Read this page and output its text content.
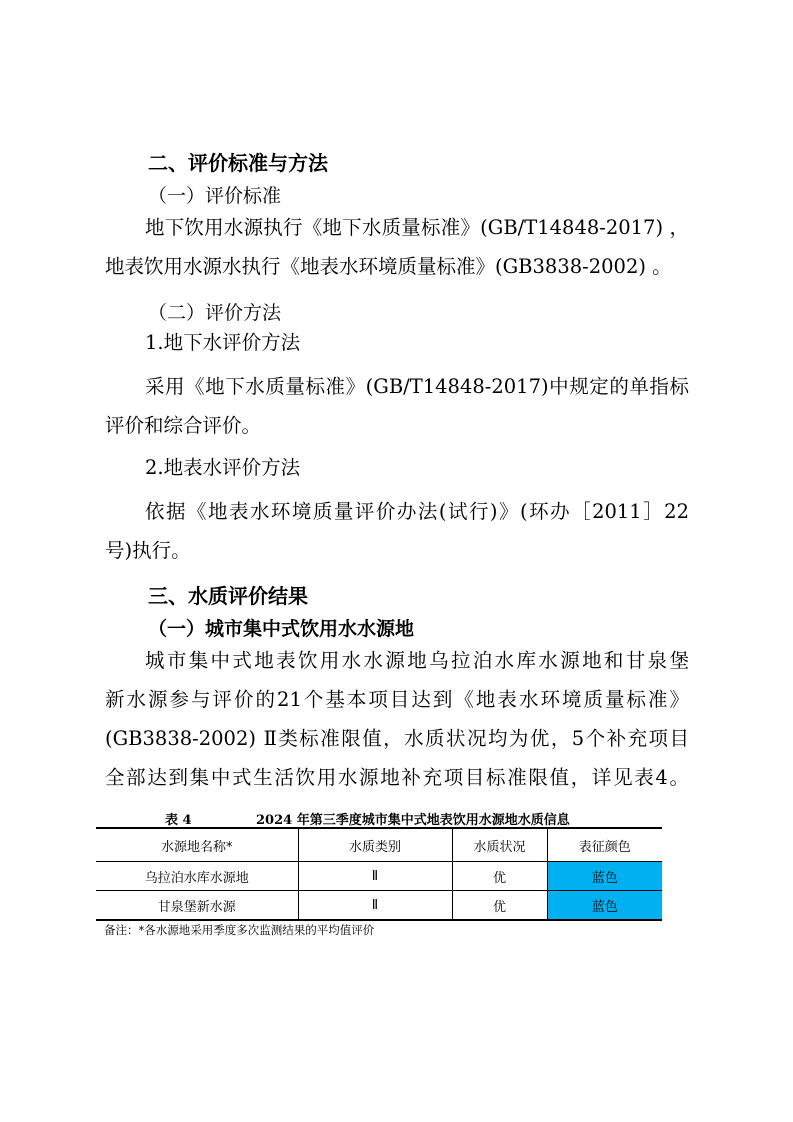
二、评价标准与方法
（一）评价标准
地下饮用水源执行《地下水质量标准》(GB/T14848-2017) ，
地表饮用水源水执行《地表水环境质量标准》(GB3838-2002) 。
（二）评价方法
1.地下水评价方法
采用《地下水质量标准》(GB/T14848-2017)中规定的单指标
评价和综合评价。
2.地表水评价方法
依据《地表水环境质量评价办法(试行)》(环办［2011］22
号)执行。
三、水质评价结果
（一）城市集中式饮用水水源地
城市集中式地表饮用水水源地乌拉泊水库水源地和甘泉堡
新水源参与评价的21个基本项目达到《地表水环境质量标准》
(GB3838-2002) Ⅱ类标准限值，水质状况均为优，5个补充项目
全部达到集中式生活饮用水源地补充项目标准限值，详见表4。
表 4	2024 年第三季度城市集中式地表饮用水源地水质信息
水源地名称*	水质类别	水质状况	表征颜色
乌拉泊水库水源地	Ⅱ	优	蓝色
甘泉堡新水源	Ⅱ	优	蓝色
备注：*各水源地采用季度多次监测结果的平均值评价
